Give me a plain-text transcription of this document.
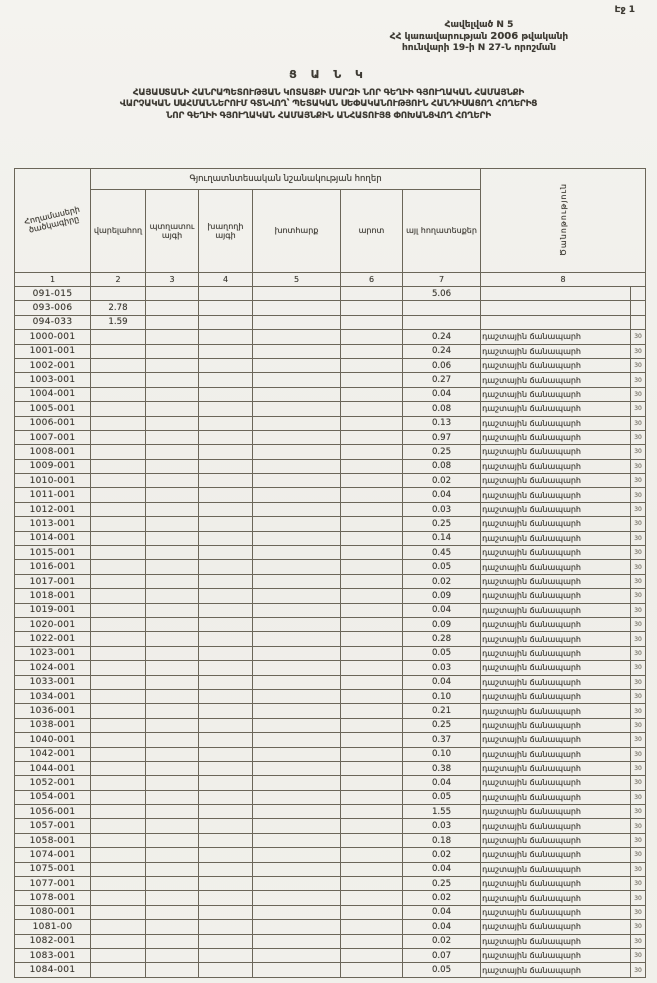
Էջ 1
Հավելված N 5
ՀՀ կառավարության 2006 թվականի
հունվարի 19-ի N 27-Ն որոշման
Ց Ա Ն Կ
ՀԱՅԱՍՏԱՆԻ ՀԱՆՐԱՊԵՏՈՒԹՅԱՆ ԿՈՏԱՅՔԻ ՄԱՐԶԻ ՆՈՐ ԳԵՂԻԻ ԳՅՈՒՂԱԿԱՆ ՀԱՄԱՅՆՔԻ
ՎԱՐՉԱԿԱՆ ՍԱՀՄԱՆՆԵՐՈՒՄ ԳՏՆՎՈՂ՝ ՊԵՏԱԿԱՆ ՍԵՓԱԿԱՆՈՒԹՅՈՒՆ ՀԱՆԴԻՍԱՑՈՂ ՀՈՂԵՐԻՑ
ՆՈՐ ԳԵՂԻԻ ԳՅՈՒՂԱԿԱՆ ՀԱՄԱՅՆՔԻՆ ԱՆՀԱՏՈՒՅՑ ՓՈԽԱՆՑՎՈՂ ՀՈՂԵՐԻ
Հողամասերի ծածկագիրը	Գյուղատնտեսական նշանակության հողեր						Ծանոթություն	
	վարելահող	պտղատու այգի	խաղողի այգի	խոտհարք	արոտ	այլ հողատեսքեր		
1	2	3	4	5	6	7	8	
091-015						5.06		
093-006	2.78							
094-033	1.59							
1000-001						0.24	դաշտային ճանապարհ	30
1001-001						0.24	դաշտային ճանապարհ	30
1002-001						0.06	դաշտային ճանապարհ	30
1003-001						0.27	դաշտային ճանապարհ	30
1004-001						0.04	դաշտային ճանապարհ	30
1005-001						0.08	դաշտային ճանապարհ	30
1006-001						0.13	դաշտային ճանապարհ	30
1007-001						0.97	դաշտային ճանապարհ	30
1008-001						0.25	դաշտային ճանապարհ	30
1009-001						0.08	դաշտային ճանապարհ	30
1010-001						0.02	դաշտային ճանապարհ	30
1011-001						0.04	դաշտային ճանապարհ	30
1012-001						0.03	դաշտային ճանապարհ	30
1013-001						0.25	դաշտային ճանապարհ	30
1014-001						0.14	դաշտային ճանապարհ	30
1015-001						0.45	դաշտային ճանապարհ	30
1016-001						0.05	դաշտային ճանապարհ	30
1017-001						0.02	դաշտային ճանապարհ	30
1018-001						0.09	դաշտային ճանապարհ	30
1019-001						0.04	դաշտային ճանապարհ	30
1020-001						0.09	դաշտային ճանապարհ	30
1022-001						0.28	դաշտային ճանապարհ	30
1023-001						0.05	դաշտային ճանապարհ	30
1024-001						0.03	դաշտային ճանապարհ	30
1033-001						0.04	դաշտային ճանապարհ	30
1034-001						0.10	դաշտային ճանապարհ	30
1036-001						0.21	դաշտային ճանապարհ	30
1038-001						0.25	դաշտային ճանապարհ	30
1040-001						0.37	դաշտային ճանապարհ	30
1042-001						0.10	դաշտային ճանապարհ	30
1044-001						0.38	դաշտային ճանապարհ	30
1052-001						0.04	դաշտային ճանապարհ	30
1054-001						0.05	դաշտային ճանապարհ	30
1056-001						1.55	դաշտային ճանապարհ	30
1057-001						0.03	դաշտային ճանապարհ	30
1058-001						0.18	դաշտային ճանապարհ	30
1074-001						0.02	դաշտային ճանապարհ	30
1075-001						0.04	դաշտային ճանապարհ	30
1077-001						0.25	դաշտային ճանապարհ	30
1078-001						0.02	դաշտային ճանապարհ	30
1080-001						0.04	դաշտային ճանապարհ	30
1081-00						0.04	դաշտային ճանապարհ	30
1082-001						0.02	դաշտային ճանապարհ	30
1083-001						0.07	դաշտային ճանապարհ	30
1084-001						0.05	դաշտային ճանապարհ	30
